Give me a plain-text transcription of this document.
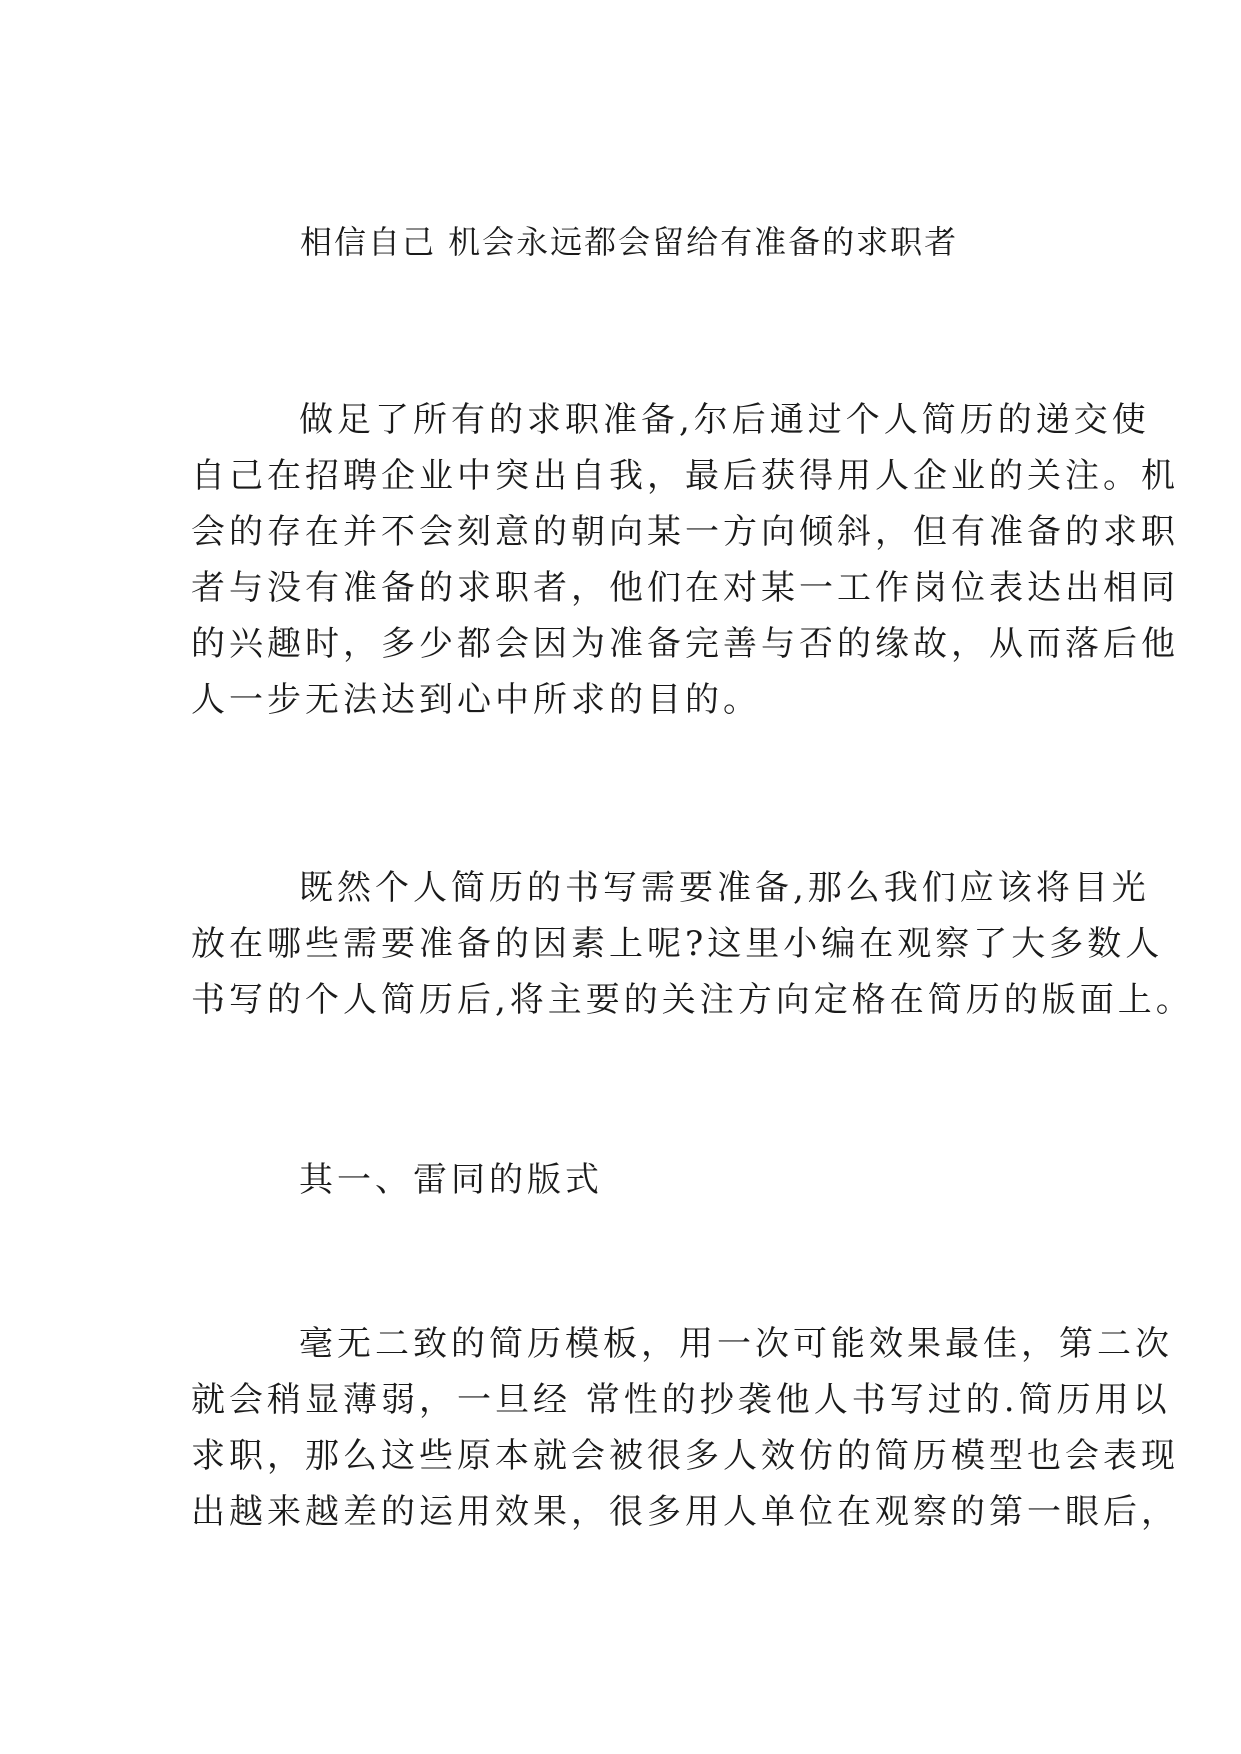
相信自己 机会永远都会留给有准备的求职者
做足了所有的求职准备,尔后通过个人简历的递交使
自己在招聘企业中突出自我，最后获得用人企业的关注。机
会的存在并不会刻意的朝向某一方向倾斜，但有准备的求职
者与没有准备的求职者，他们在对某一工作岗位表达出相同
的兴趣时，多少都会因为准备完善与否的缘故，从而落后他
人一步无法达到心中所求的目的。
既然个人简历的书写需要准备,那么我们应该将目光
放在哪些需要准备的因素上呢?这里小编在观察了大多数人
书写的个人简历后,将主要的关注方向定格在简历的版面上。
其一、雷同的版式
毫无二致的简历模板，用一次可能效果最佳，第二次
就会稍显薄弱，一旦经 常性的抄袭他人书写过的.简历用以
求职，那么这些原本就会被很多人效仿的简历模型也会表现
出越来越差的运用效果，很多用人单位在观察的第一眼后，
